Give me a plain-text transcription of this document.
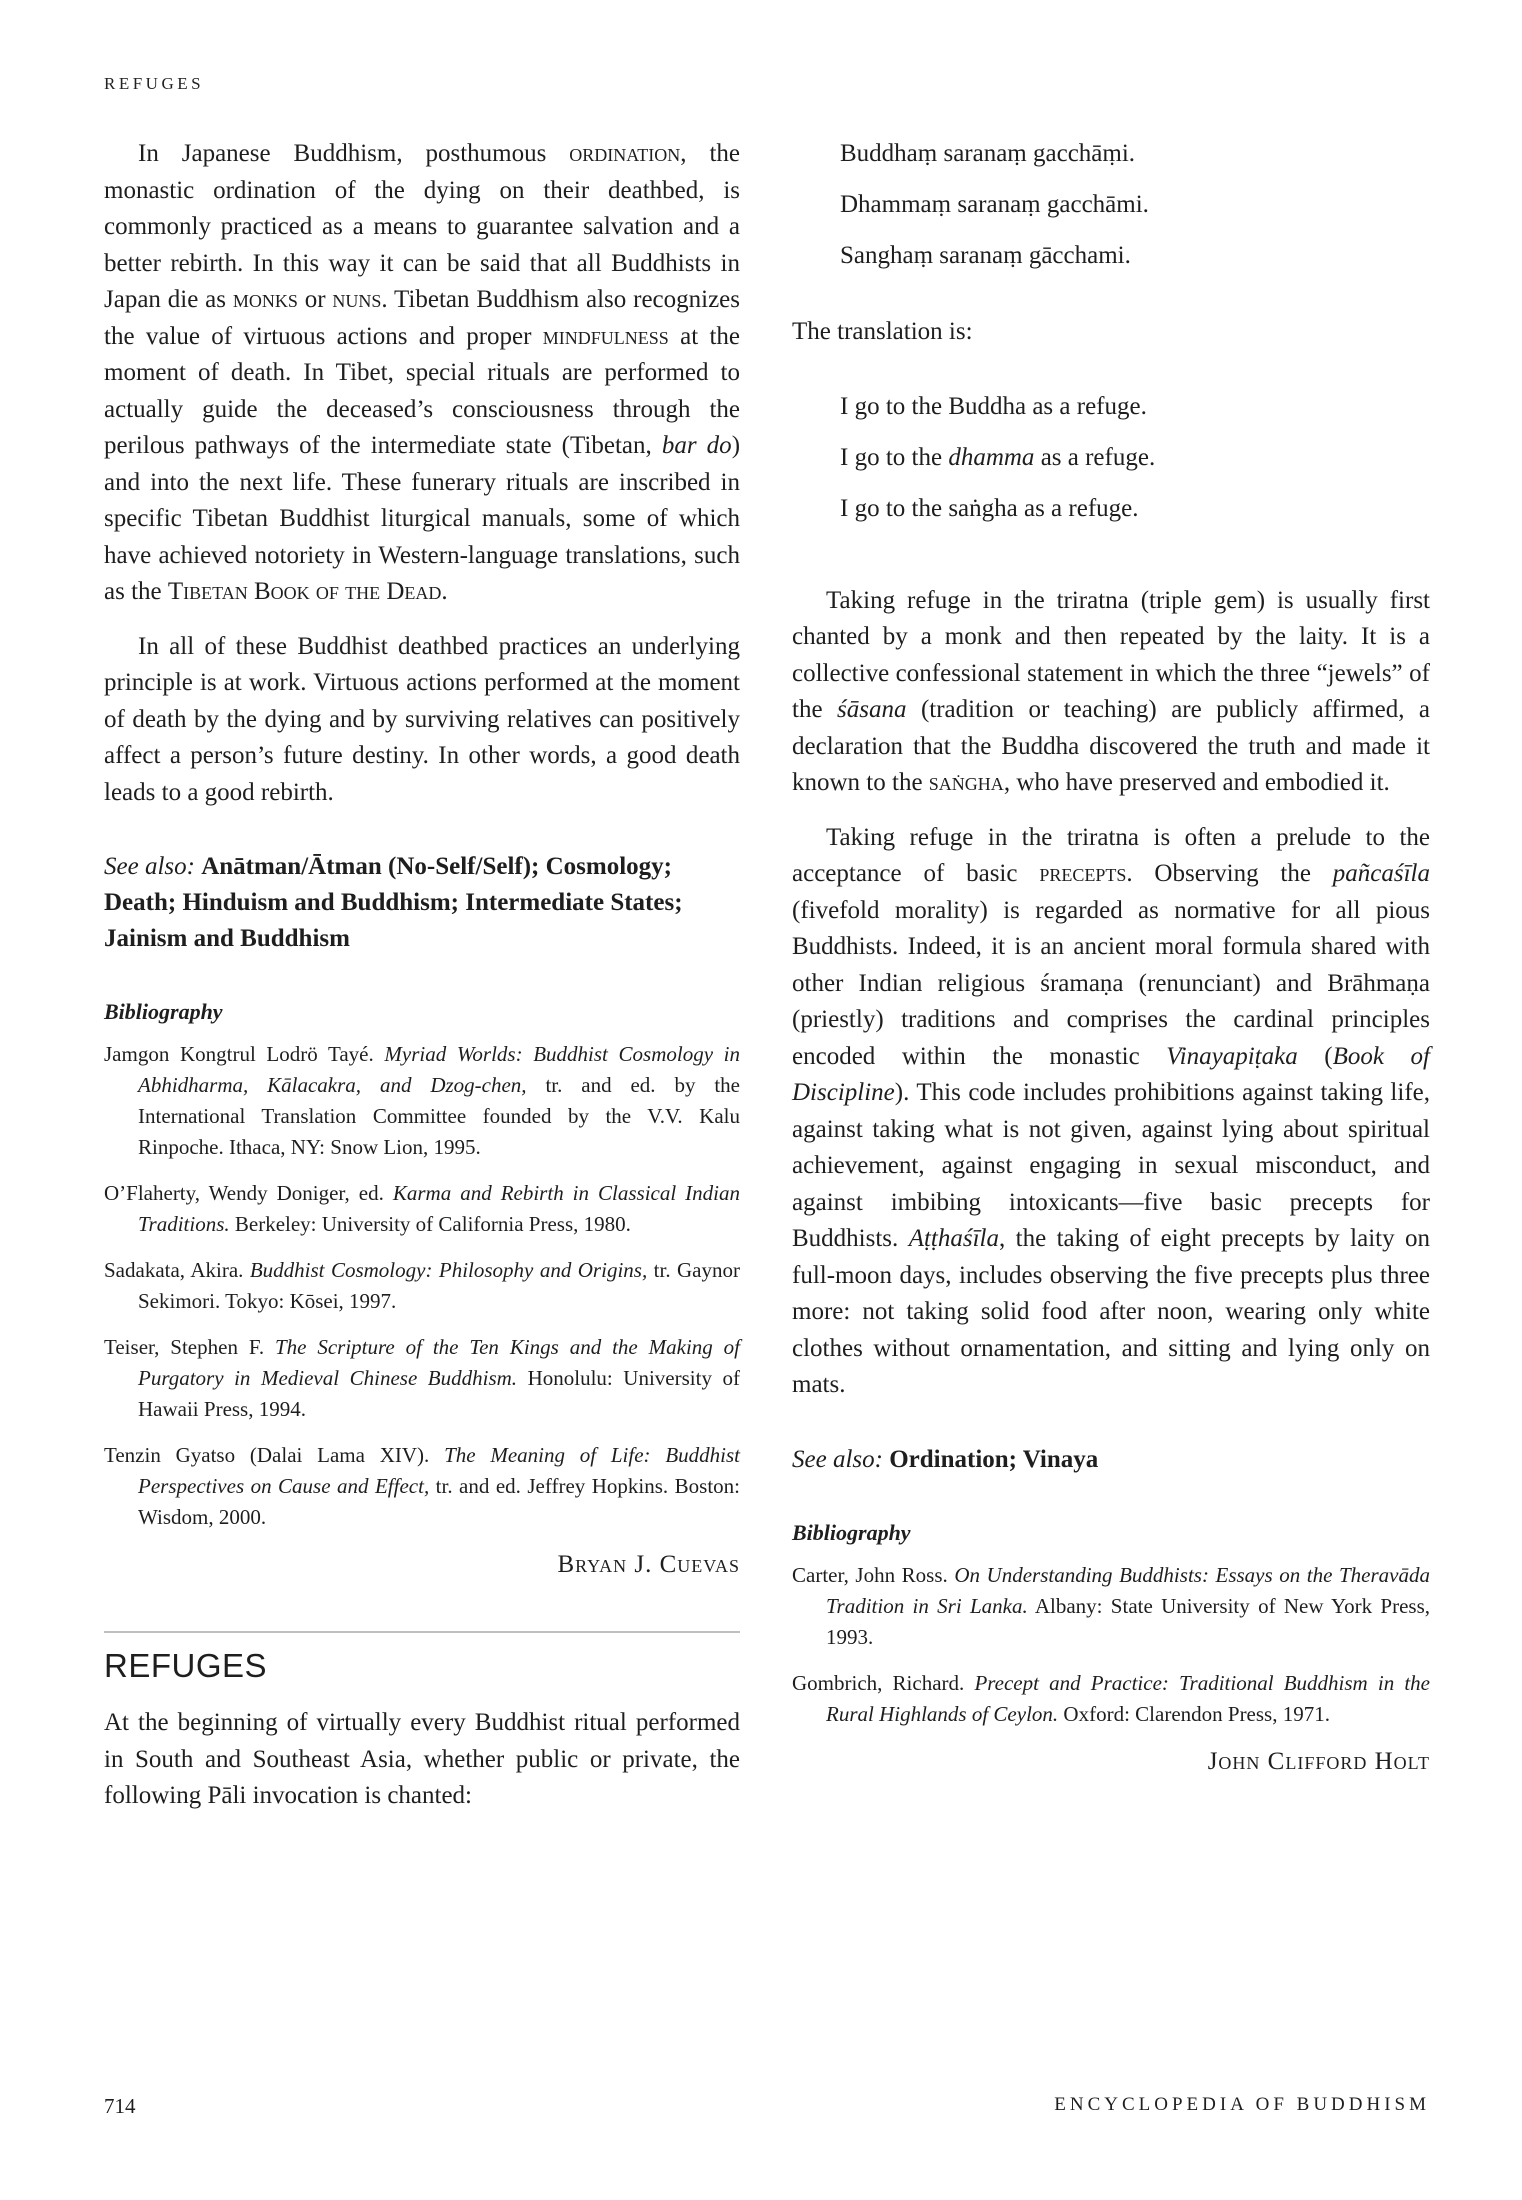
REFUGES

In Japanese Buddhism, posthumous ordination, the monastic ordination of the dying on their deathbed, is commonly practiced as a means to guarantee salvation and a better rebirth. In this way it can be said that all Buddhists in Japan die as monks or nuns. Tibetan Buddhism also recognizes the value of virtuous actions and proper mindfulness at the moment of death. In Tibet, special rituals are performed to actually guide the deceased’s consciousness through the perilous pathways of the intermediate state (Tibetan, bar do) and into the next life. These funerary rituals are inscribed in specific Tibetan Buddhist liturgical manuals, some of which have achieved notoriety in Western-language translations, such as the Tibetan Book of the Dead.

In all of these Buddhist deathbed practices an underlying principle is at work. Virtuous actions performed at the moment of death by the dying and by surviving relatives can positively affect a person’s future destiny. In other words, a good death leads to a good rebirth.

See also: Anātman/Ātman (No-Self/Self); Cosmology; Death; Hinduism and Buddhism; Intermediate States; Jainism and Buddhism
Bibliography

Jamgon Kongtrul Lodrö Tayé. Myriad Worlds: Buddhist Cosmology in Abhidharma, Kālacakra, and Dzog-chen, tr. and ed. by the International Translation Committee founded by the V.V. Kalu Rinpoche. Ithaca, NY: Snow Lion, 1995.

O’Flaherty, Wendy Doniger, ed. Karma and Rebirth in Classical Indian Traditions. Berkeley: University of California Press, 1980.

Sadakata, Akira. Buddhist Cosmology: Philosophy and Origins, tr. Gaynor Sekimori. Tokyo: Kōsei, 1997.

Teiser, Stephen F. The Scripture of the Ten Kings and the Making of Purgatory in Medieval Chinese Buddhism. Honolulu: University of Hawaii Press, 1994.

Tenzin Gyatso (Dalai Lama XIV). The Meaning of Life: Buddhist Perspectives on Cause and Effect, tr. and ed. Jeffrey Hopkins. Boston: Wisdom, 2000.

Bryan J. Cuevas
REFUGES

At the beginning of virtually every Buddhist ritual performed in South and Southeast Asia, whether public or private, the following Pāli invocation is chanted:

Buddhaṃ saranaṃ gacchāṃi.
Dhammaṃ saranaṃ gacchāmi.
Sanghaṃ saranaṃ gācchami.

The translation is:

I go to the Buddha as a refuge.
I go to the dhamma as a refuge.
I go to the saṅgha as a refuge.

Taking refuge in the triratna (triple gem) is usually first chanted by a monk and then repeated by the laity. It is a collective confessional statement in which the three “jewels” of the śāsana (tradition or teaching) are publicly affirmed, a declaration that the Buddha discovered the truth and made it known to the saṅgha, who have preserved and embodied it.

Taking refuge in the triratna is often a prelude to the acceptance of basic precepts. Observing the pañcaśīla (fivefold morality) is regarded as normative for all pious Buddhists. Indeed, it is an ancient moral formula shared with other Indian religious śramaṇa (renunciant) and Brāhmaṇa (priestly) traditions and comprises the cardinal principles encoded within the monastic Vinayapiṭaka (Book of Discipline). This code includes prohibitions against taking life, against taking what is not given, against lying about spiritual achievement, against engaging in sexual misconduct, and against imbibing intoxicants—five basic precepts for Buddhists. Aṭṭhaśīla, the taking of eight precepts by laity on full-moon days, includes observing the five precepts plus three more: not taking solid food after noon, wearing only white clothes without ornamentation, and sitting and lying only on mats.

See also: Ordination; Vinaya
Bibliography

Carter, John Ross. On Understanding Buddhists: Essays on the Theravāda Tradition in Sri Lanka. Albany: State University of New York Press, 1993.

Gombrich, Richard. Precept and Practice: Traditional Buddhism in the Rural Highlands of Ceylon. Oxford: Clarendon Press, 1971.

John Clifford Holt
714	ENCYCLOPEDIA OF BUDDHISM
